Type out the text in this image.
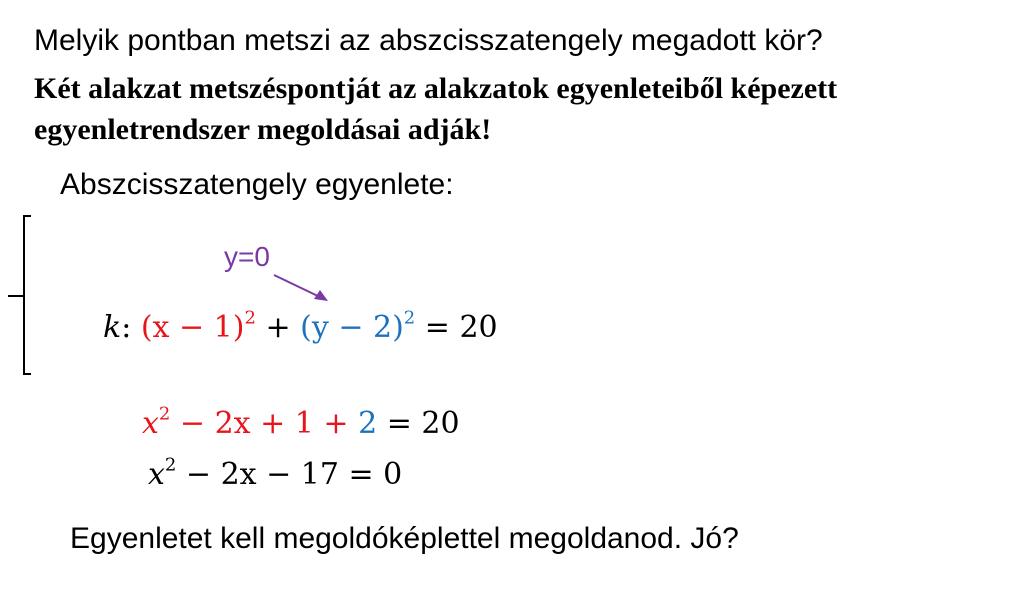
Melyik pontban metszi az abszcisszatengely megadott kör?
Két alakzat metszéspontját az alakzatok egyenleteiből képezett
egyenletrendszer megoldásai adják!
Abszcisszatengely egyenlete:
y=0
k: $(x - 1)^2 + (y - 2)^2 = 20$
$x^2 - 2x + 1 + 2 = 20$
$x^2 - 2x - 17 = 0$
Egyenletet kell megoldóképlettel megoldanod. Jó?
